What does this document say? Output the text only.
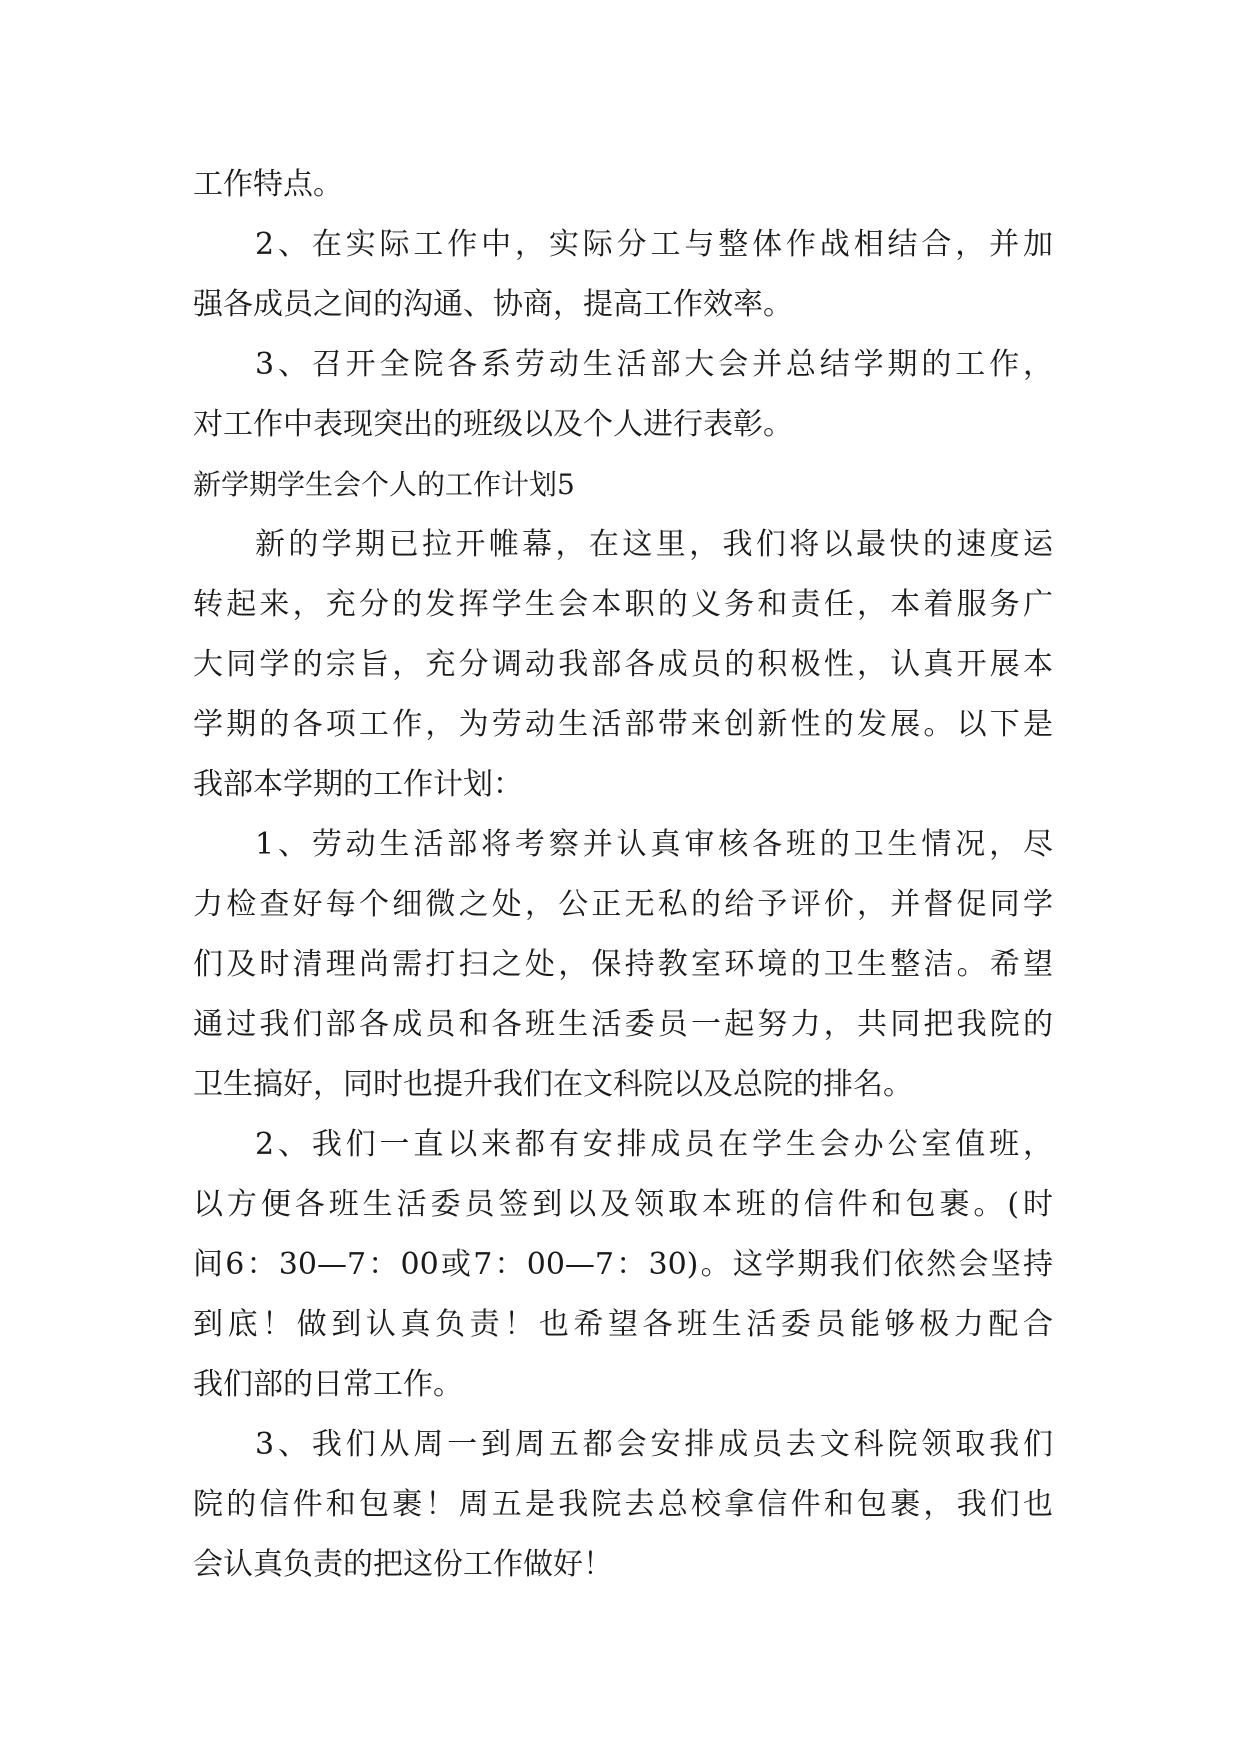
工作特点。
2、在实际工作中，实际分工与整体作战相结合，并加
强各成员之间的沟通、协商，提高工作效率。
3、召开全院各系劳动生活部大会并总结学期的工作，
对工作中表现突出的班级以及个人进行表彰。
新学期学生会个人的工作计划5
新的学期已拉开帷幕，在这里，我们将以最快的速度运
转起来，充分的发挥学生会本职的义务和责任，本着服务广
大同学的宗旨，充分调动我部各成员的积极性，认真开展本
学期的各项工作，为劳动生活部带来创新性的发展。以下是
我部本学期的工作计划：
1、劳动生活部将考察并认真审核各班的卫生情况，尽
力检查好每个细微之处，公正无私的给予评价，并督促同学
们及时清理尚需打扫之处，保持教室环境的卫生整洁。希望
通过我们部各成员和各班生活委员一起努力，共同把我院的
卫生搞好，同时也提升我们在文科院以及总院的排名。
2、我们一直以来都有安排成员在学生会办公室值班，
以方便各班生活委员签到以及领取本班的信件和包裹。(时
间6：30—7：00或7：00—7：30)。这学期我们依然会坚持
到底！做到认真负责！也希望各班生活委员能够极力配合
我们部的日常工作。
3、我们从周一到周五都会安排成员去文科院领取我们
院的信件和包裹！周五是我院去总校拿信件和包裹，我们也
会认真负责的把这份工作做好！
